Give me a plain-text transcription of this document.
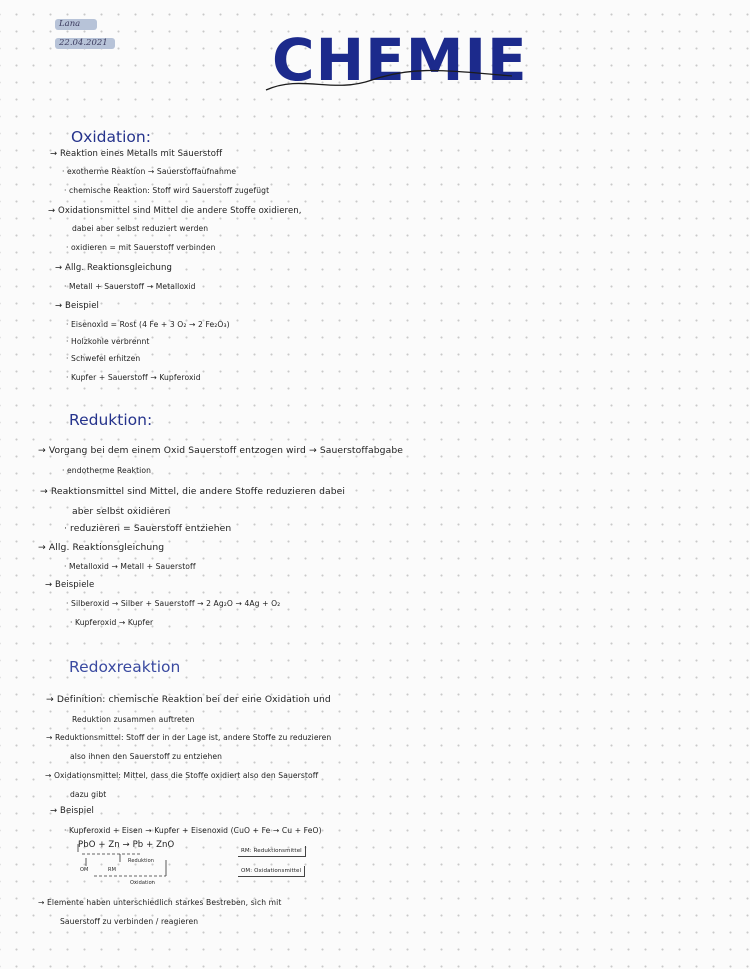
Lana
22.04.2021	CHEMIE
Oxidation:
→ Reaktion eines Metalls mit Sauerstoff
· exotherme Reaktion → Sauerstoffaufnahme
· chemische Reaktion: Stoff wird Sauerstoff zugefügt
→ Oxidationsmittel sind Mittel die andere Stoffe oxidieren,
dabei aber selbst reduziert werden
· oxidieren = mit Sauerstoff verbinden
→ Allg. Reaktionsgleichung
· Metall + Sauerstoff → Metalloxid
→ Beispiel
· Eisenoxid = Rost (4 Fe + 3 O₂ → 2 Fe₂O₃)
· Holzkohle verbrennt
· Schwefel erhitzen
· Kupfer + Sauerstoff → Kupferoxid
Reduktion:
→ Vorgang bei dem einem Oxid Sauerstoff entzogen wird → Sauerstoffabgabe
· endotherme Reaktion
→ Reaktionsmittel sind Mittel, die andere Stoffe reduzieren dabei
aber selbst oxidieren
· reduzieren = Sauerstoff entziehen
→ Allg. Reaktionsgleichung
· Metalloxid → Metall + Sauerstoff
→ Beispiele
· Silberoxid → Silber + Sauerstoff → 2 Ag₂O → 4Ag + O₂
· Kupferoxid → Kupfer
Redoxreaktion
→ Definition: chemische Reaktion bei der eine Oxidation und
Reduktion zusammen auftreten
→ Reduktionsmittel: Stoff der in der Lage ist, andere Stoffe zu reduzieren
also ihnen den Sauerstoff zu entziehen
→ Oxidationsmittel: Mittel, dass die Stoffe oxidiert also den Sauerstoff
dazu gibt
→ Beispiel
· Kupferoxid + Eisen → Kupfer + Eisenoxid (CuO + Fe → Cu + FeO)
PbO + Zn → Pb + ZnO
Reduktion
OM	RM
Oxidation
RM: Reduktionsmittel
OM: Oxidationsmittel
→ Elemente haben unterschiedlich starkes Bestreben, sich mit
Sauerstoff zu verbinden / reagieren
